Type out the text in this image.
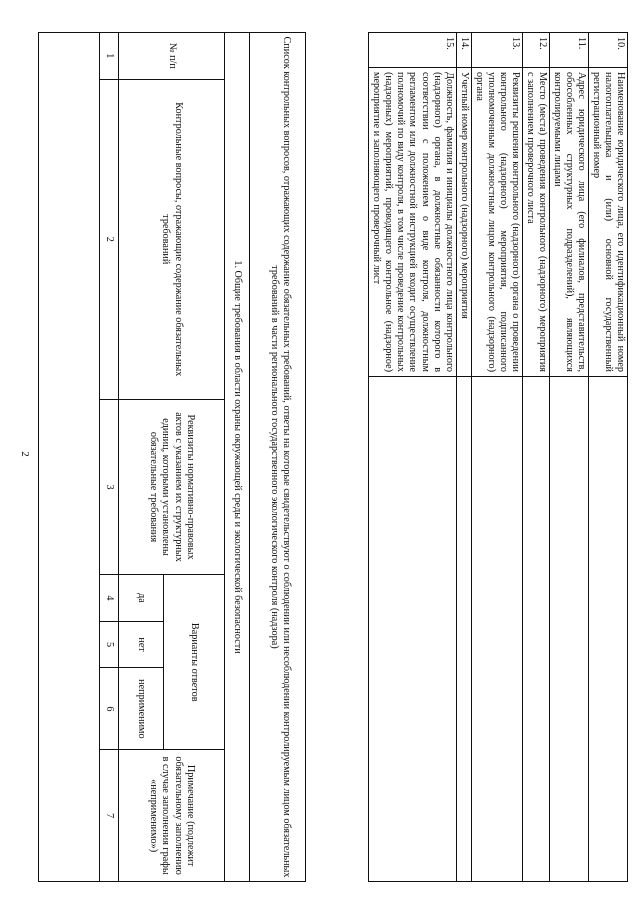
2
10.	Наименование юридического лица, его идентификационный номер налогоплательщика и (или) основной государственный регистрационный номер	
11.	Адрес юридического лица (его филиалов, представительств, обособленных структурных подразделений), являющихся контролируемыми лицами	
12.	Место (места) проведения контрольного (надзорного) мероприятия с заполнением проверочного листа	
13.	Реквизиты решения контрольного (надзорного) органа о проведении контрольного (надзорного) мероприятия, подписанного уполномоченным должностным лицом контрольного (надзорного) органа	
14.	Учетный номер контрольного (надзорного) мероприятия	
15.	Должность, фамилия и инициалы должностного лица контрольного (надзорного) органа, в должностные обязанности которого в соответствии с положением о виде контроля, должностным регламентом или должностной инструкцией входит осуществление полномочий по виду контроля, в том числе проведение контрольных (надзорных) мероприятий, проводящего контрольное (надзорное) мероприятие и заполняющего проверочный лист	
Список контрольных вопросов, отражающих содержание обязательных требований, ответы на которые свидетельствуют о соблюдении или несоблюдении контролируемым лицом обязательных требований в части регионального государственного экологического контроля (надзора)
1. Общие требования в области охраны окружающей среды и экологической безопасности						
№ п/п	Контрольные вопросы, отражающие содержание обязательных требований	Реквизиты нормативно-правовых актов с указанием их структурных единиц, которыми установлены обязательные требования	Варианты ответов			Примечание (подлежит обязательному заполнению в случае заполнения графы «неприменимо»)
			да	нет	неприменимо	
1	2	3	4	5	6	7
